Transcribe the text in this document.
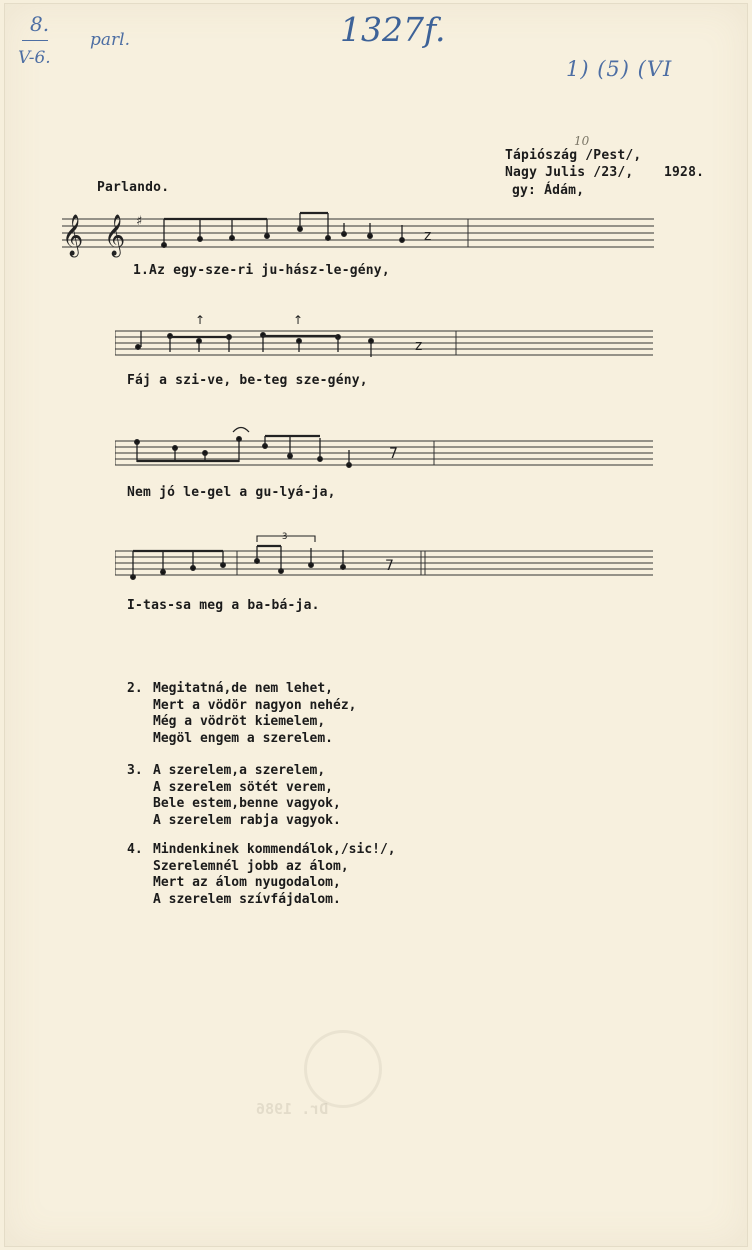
8.
V-6.
parl.	1327f.
1) (5) (VI
Tápiószág /Pest/,
10
Nagy Julis /23/, 1928.
gy: Ádám,
Parlando.
𝄞 𝄞 ♯
z
1.Az egy-sze-ri ju-hász-le-gény,
↑	↑
z
Fáj a szi-ve, be-teg sze-gény,
7
Nem jó le-gel a gu-lyá-ja,
3
7
I-tas-sa meg a ba-bá-ja.
2. Megitatná,de nem lehet,
Mert a vödör nagyon nehéz,
Még a vödröt kiemelem,
Megöl engem a szerelem.
3. A szerelem,a szerelem,
A szerelem sötét verem,
Bele estem,benne vagyok,
A szerelem rabja vagyok.
4. Mindenkinek kommendálok,/sic!/,
Szerelemnél jobb az álom,
Mert az álom nyugodalom,
A szerelem szívfájdalom.
Dr. 1986
